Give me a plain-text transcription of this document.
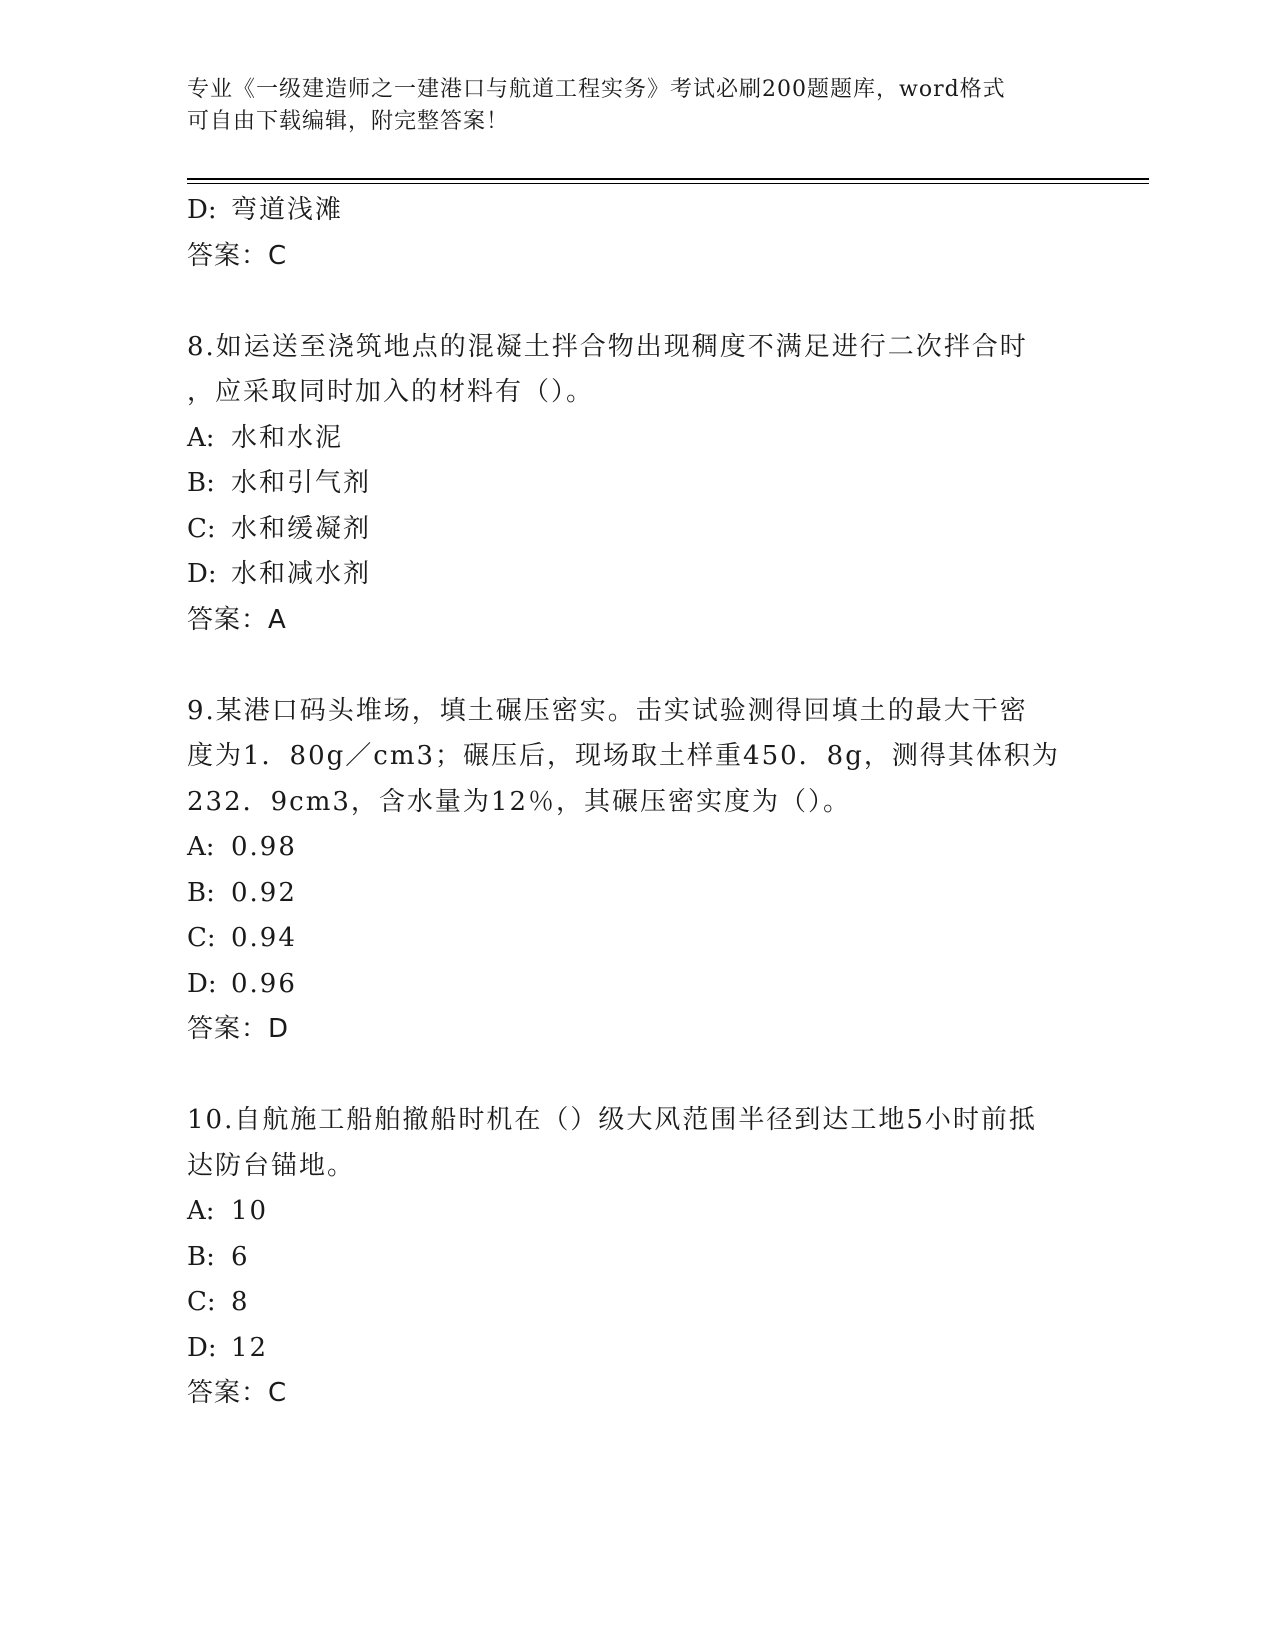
专业《一级建造师之一建港口与航道工程实务》考试必刷200题题库，word格式
可自由下载编辑，附完整答案！
D: 弯道浅滩
答案：C
8.如运送至浇筑地点的混凝土拌合物出现稠度不满足进行二次拌合时
，应采取同时加入的材料有（）。
A: 水和水泥
B: 水和引气剂
C: 水和缓凝剂
D: 水和减水剂
答案：A
9.某港口码头堆场，填土碾压密实。击实试验测得回填土的最大干密
度为1．80g／cm3；碾压后，现场取土样重450．8g，测得其体积为
232．9cm3，含水量为12％，其碾压密实度为（）。
A: 0.98
B: 0.92
C: 0.94
D: 0.96
答案：D
10.自航施工船舶撤船时机在（）级大风范围半径到达工地5小时前抵
达防台锚地。
A: 10
B: 6
C: 8
D: 12
答案：C
